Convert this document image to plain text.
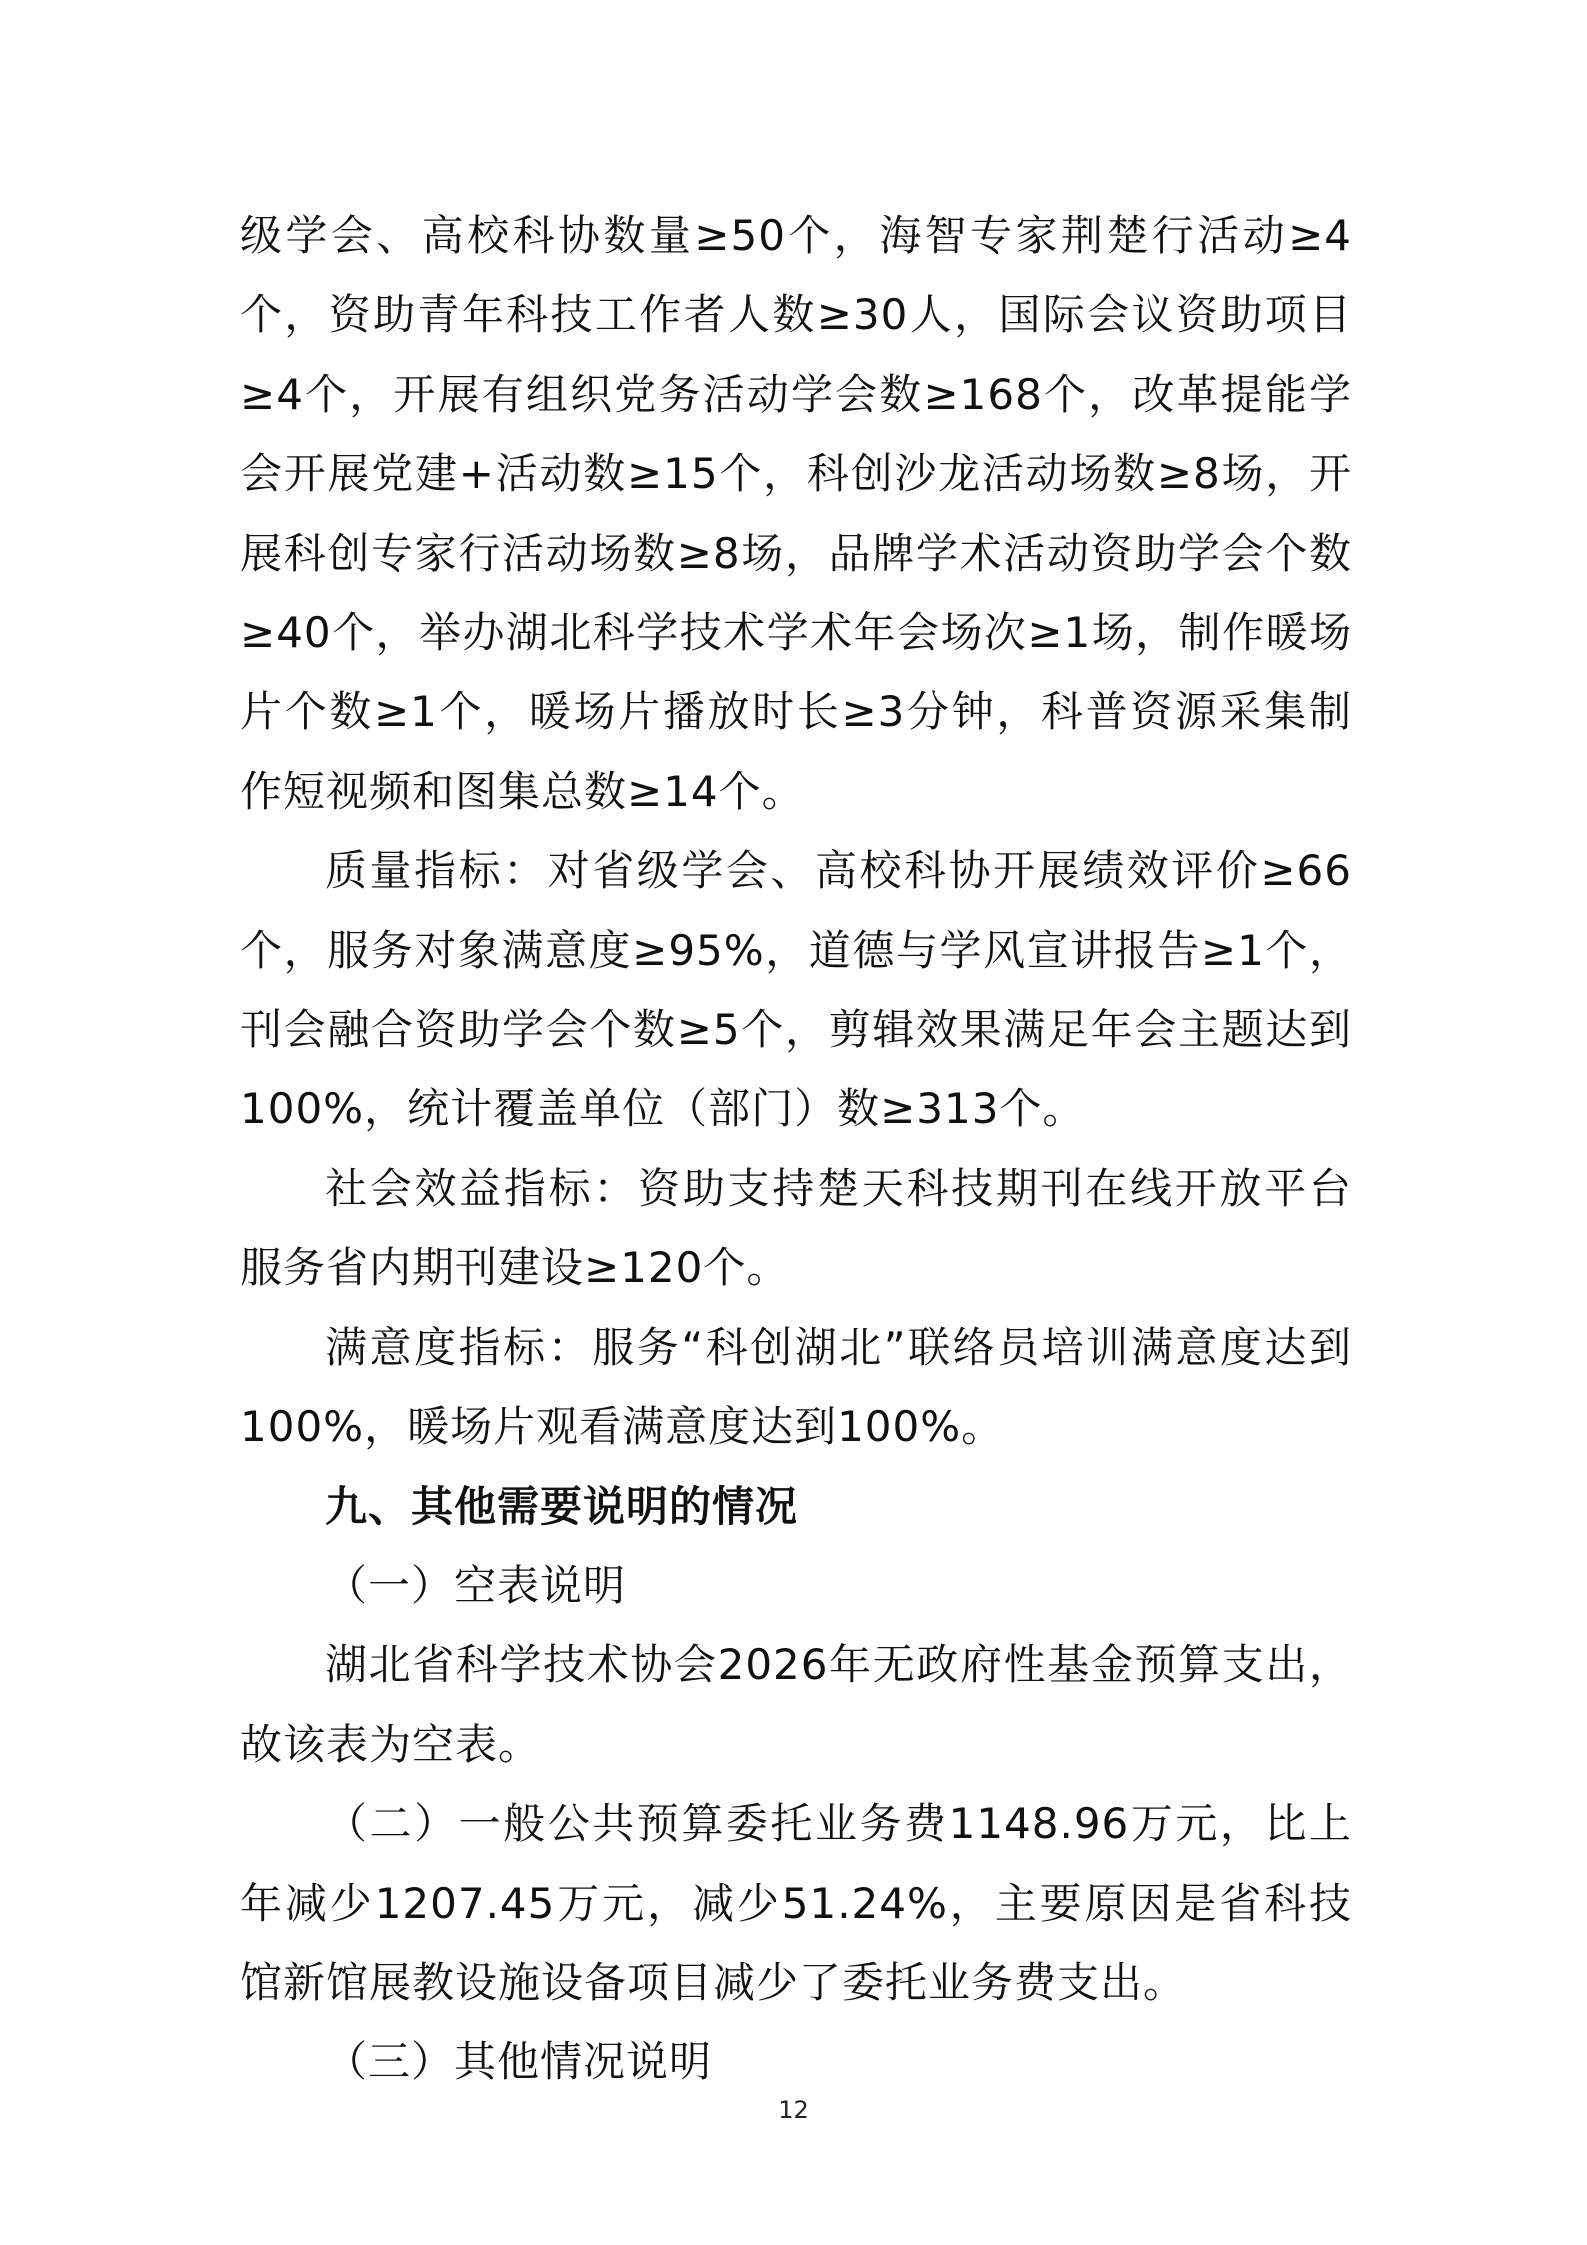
级学会、高校科协数量≥50个，海智专家荆楚行活动≥4个，资助青年科技工作者人数≥30人，国际会议资助项目≥4个，开展有组织党务活动学会数≥168个，改革提能学会开展党建+活动数≥15个，科创沙龙活动场数≥8场，开展科创专家行活动场数≥8场，品牌学术活动资助学会个数≥40个，举办湖北科学技术学术年会场次≥1场，制作暖场片个数≥1个，暖场片播放时长≥3分钟，科普资源采集制作短视频和图集总数≥14个。

质量指标：对省级学会、高校科协开展绩效评价≥66个，服务对象满意度≥95%，道德与学风宣讲报告≥1个，刊会融合资助学会个数≥5个，剪辑效果满足年会主题达到100%，统计覆盖单位（部门）数≥313个。

社会效益指标：资助支持楚天科技期刊在线开放平台服务省内期刊建设≥120个。

满意度指标：服务“科创湖北”联络员培训满意度达到100%，暖场片观看满意度达到100%。

九、其他需要说明的情况

（一）空表说明

湖北省科学技术协会2026年无政府性基金预算支出，故该表为空表。

（二）一般公共预算委托业务费1148.96万元，比上年减少1207.45万元，减少51.24%，主要原因是省科技馆新馆展教设施设备项目减少了委托业务费支出。

（三）其他情况说明

12
